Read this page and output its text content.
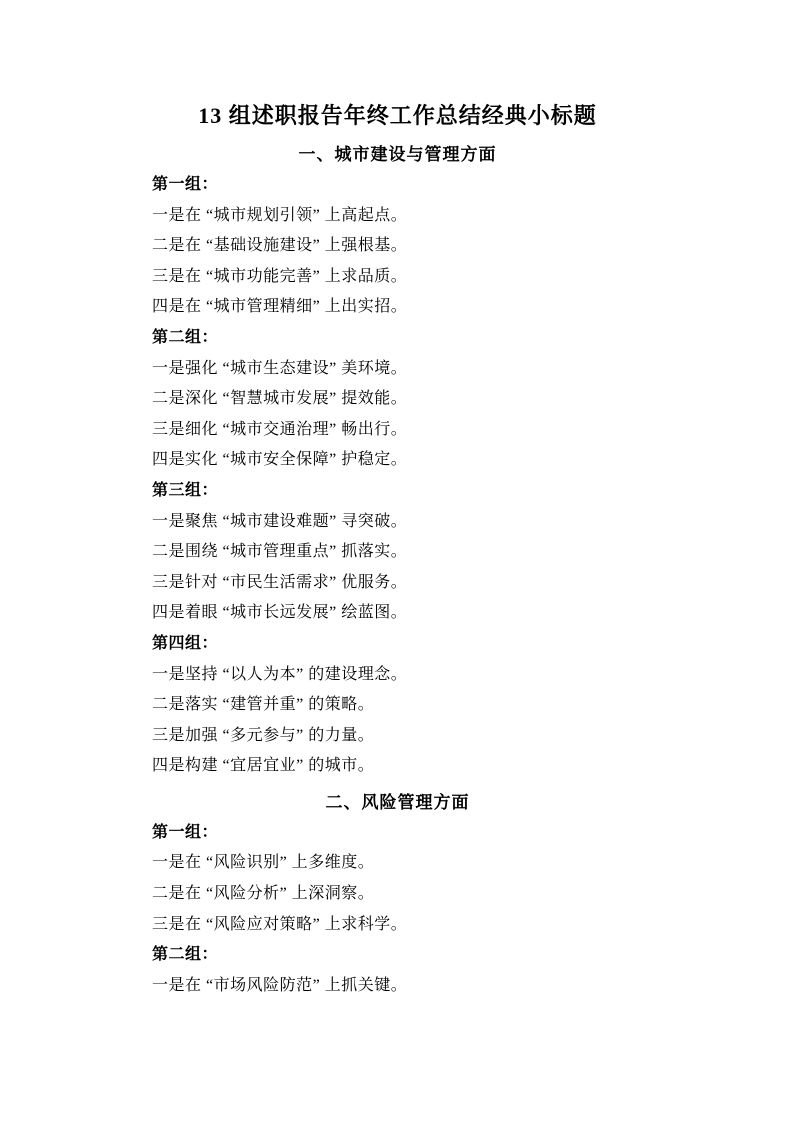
13 组述职报告年终工作总结经典小标题
一、城市建设与管理方面

第一组：

一是在 “城市规划引领” 上高起点。

二是在 “基础设施建设” 上强根基。

三是在 “城市功能完善” 上求品质。

四是在 “城市管理精细” 上出实招。

第二组：

一是强化 “城市生态建设” 美环境。

二是深化 “智慧城市发展” 提效能。

三是细化 “城市交通治理” 畅出行。

四是实化 “城市安全保障” 护稳定。

第三组：

一是聚焦 “城市建设难题” 寻突破。

二是围绕 “城市管理重点” 抓落实。

三是针对 “市民生活需求” 优服务。

四是着眼 “城市长远发展” 绘蓝图。

第四组：

一是坚持 “以人为本” 的建设理念。

二是落实 “建管并重” 的策略。

三是加强 “多元参与” 的力量。

四是构建 “宜居宜业” 的城市。

二、风险管理方面

第一组：

一是在 “风险识别” 上多维度。

二是在 “风险分析” 上深洞察。

三是在 “风险应对策略” 上求科学。

第二组：

一是在 “市场风险防范” 上抓关键。
